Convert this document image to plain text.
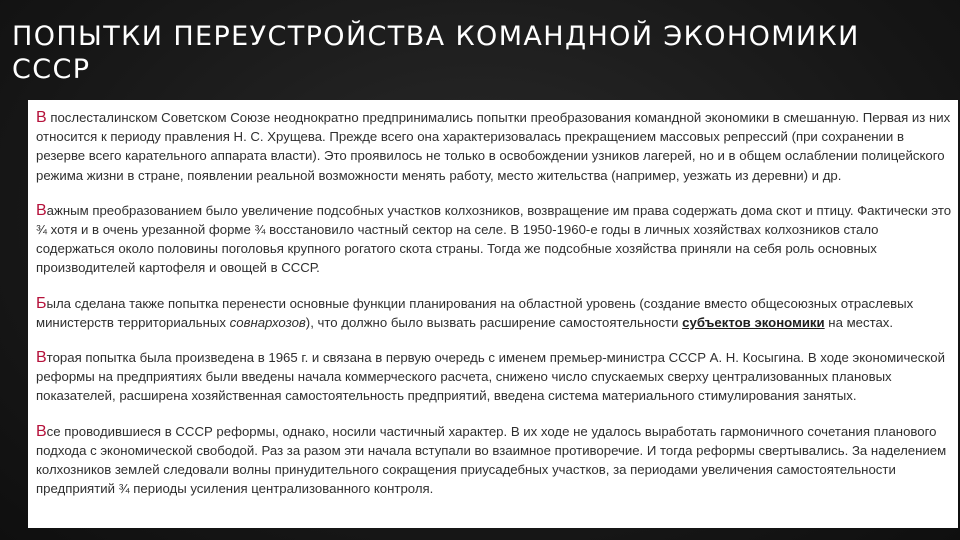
ПОПЫТКИ ПЕРЕУСТРОЙСТВА КОМАНДНОЙ ЭКОНОМИКИ СССР

В послесталинском Советском Союзе неоднократно предпринимались попытки преобразования командной экономики в смешанную. Первая из них относится к периоду правления Н. С. Хрущева. Прежде всего она характеризовалась прекращением массовых репрессий (при сохранении в резерве всего карательного аппарата власти). Это проявилось не только в освобождении узников лагерей, но и в общем ослаблении полицейского режима жизни в стране, появлении реальной возможности менять работу, место жительства (например, уезжать из деревни) и др.

Важным преобразованием было увеличение подсобных участков колхозников, возвращение им права содержать дома скот и птицу. Фактически это ¾ хотя и в очень урезанной форме ¾ восстановило частный сектор на селе. В 1950-1960-е годы в личных хозяйствах колхозников стало содержаться около половины поголовья крупного рогатого скота страны. Тогда же подсобные хозяйства приняли на себя роль основных производителей картофеля и овощей в СССР.

Была сделана также попытка перенести основные функции планирования на областной уровень (создание вместо общесоюзных отраслевых министерств территориальных совнархозов), что должно было вызвать расширение самостоятельности субъектов экономики на местах.

Вторая попытка была произведена в 1965 г. и связана в первую очередь с именем премьер-министра СССР А. Н. Косыгина. В ходе экономической реформы на предприятиях были введены начала коммерческого расчета, снижено число спускаемых сверху централизованных плановых показателей, расширена хозяйственная самостоятельность предприятий, введена система материального стимулирования занятых.

Все проводившиеся в СССР реформы, однако, носили частичный характер. В их ходе не удалось выработать гармоничного сочетания планового подхода с экономической свободой. Раз за разом эти начала вступали во взаимное противоречие. И тогда реформы свертывались. За наделением колхозников землей следовали волны принудительного сокращения приусадебных участков, за периодами увеличения самостоятельности предприятий ¾ периоды усиления централизованного контроля.
